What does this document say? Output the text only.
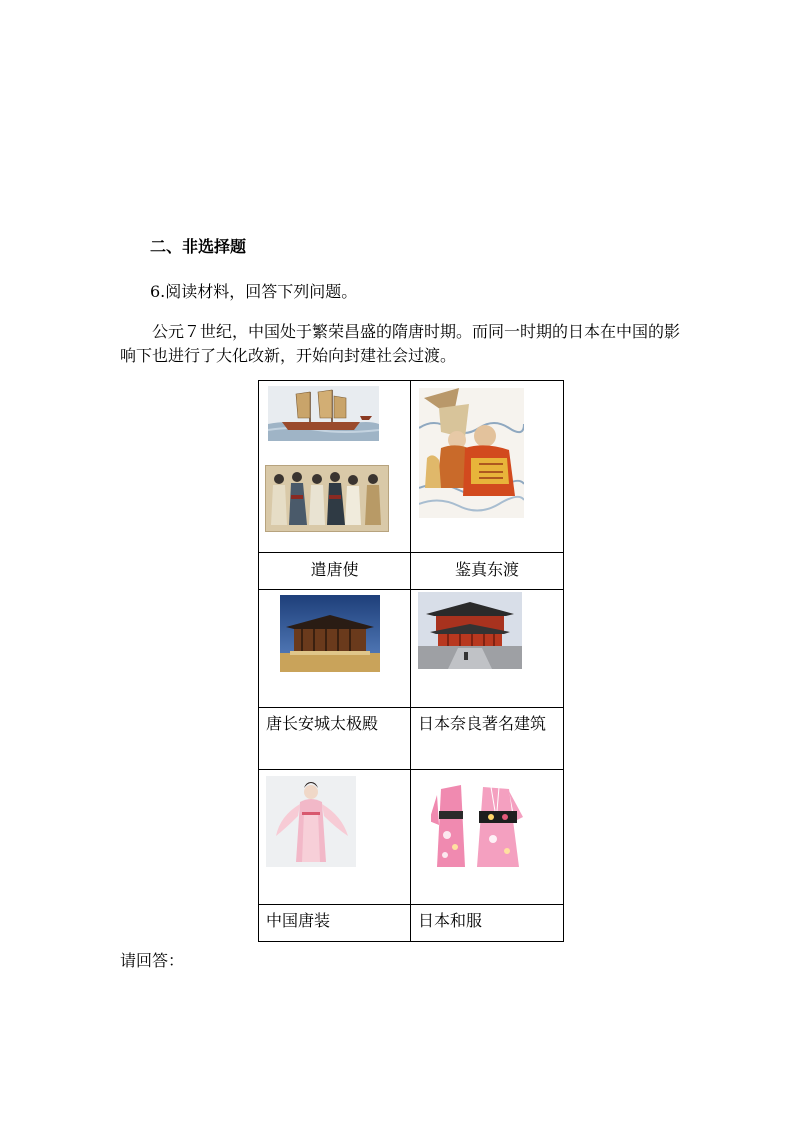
二、非选择题
6.阅读材料，回答下列问题。
公元７世纪，中国处于繁荣昌盛的隋唐时期。而同一时期的日本在中国的影响下也进行了大化改新，开始向封建社会过渡。

遣唐使	鉴真东渡

唐长安城太极殿	日本奈良著名建筑

中国唐装	日本和服
请回答：
